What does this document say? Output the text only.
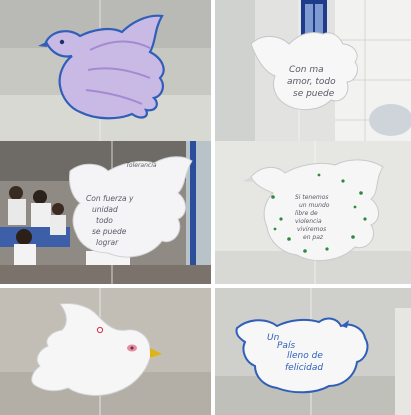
Con ma
amor, todo
se puede
Tolerancia
Con fuerza y
unidad
todo
se puede
lograr
Si tenemos
un mundo
libre de
violencia
viviremos
en paz
Un
País
lleno de
felicidad
